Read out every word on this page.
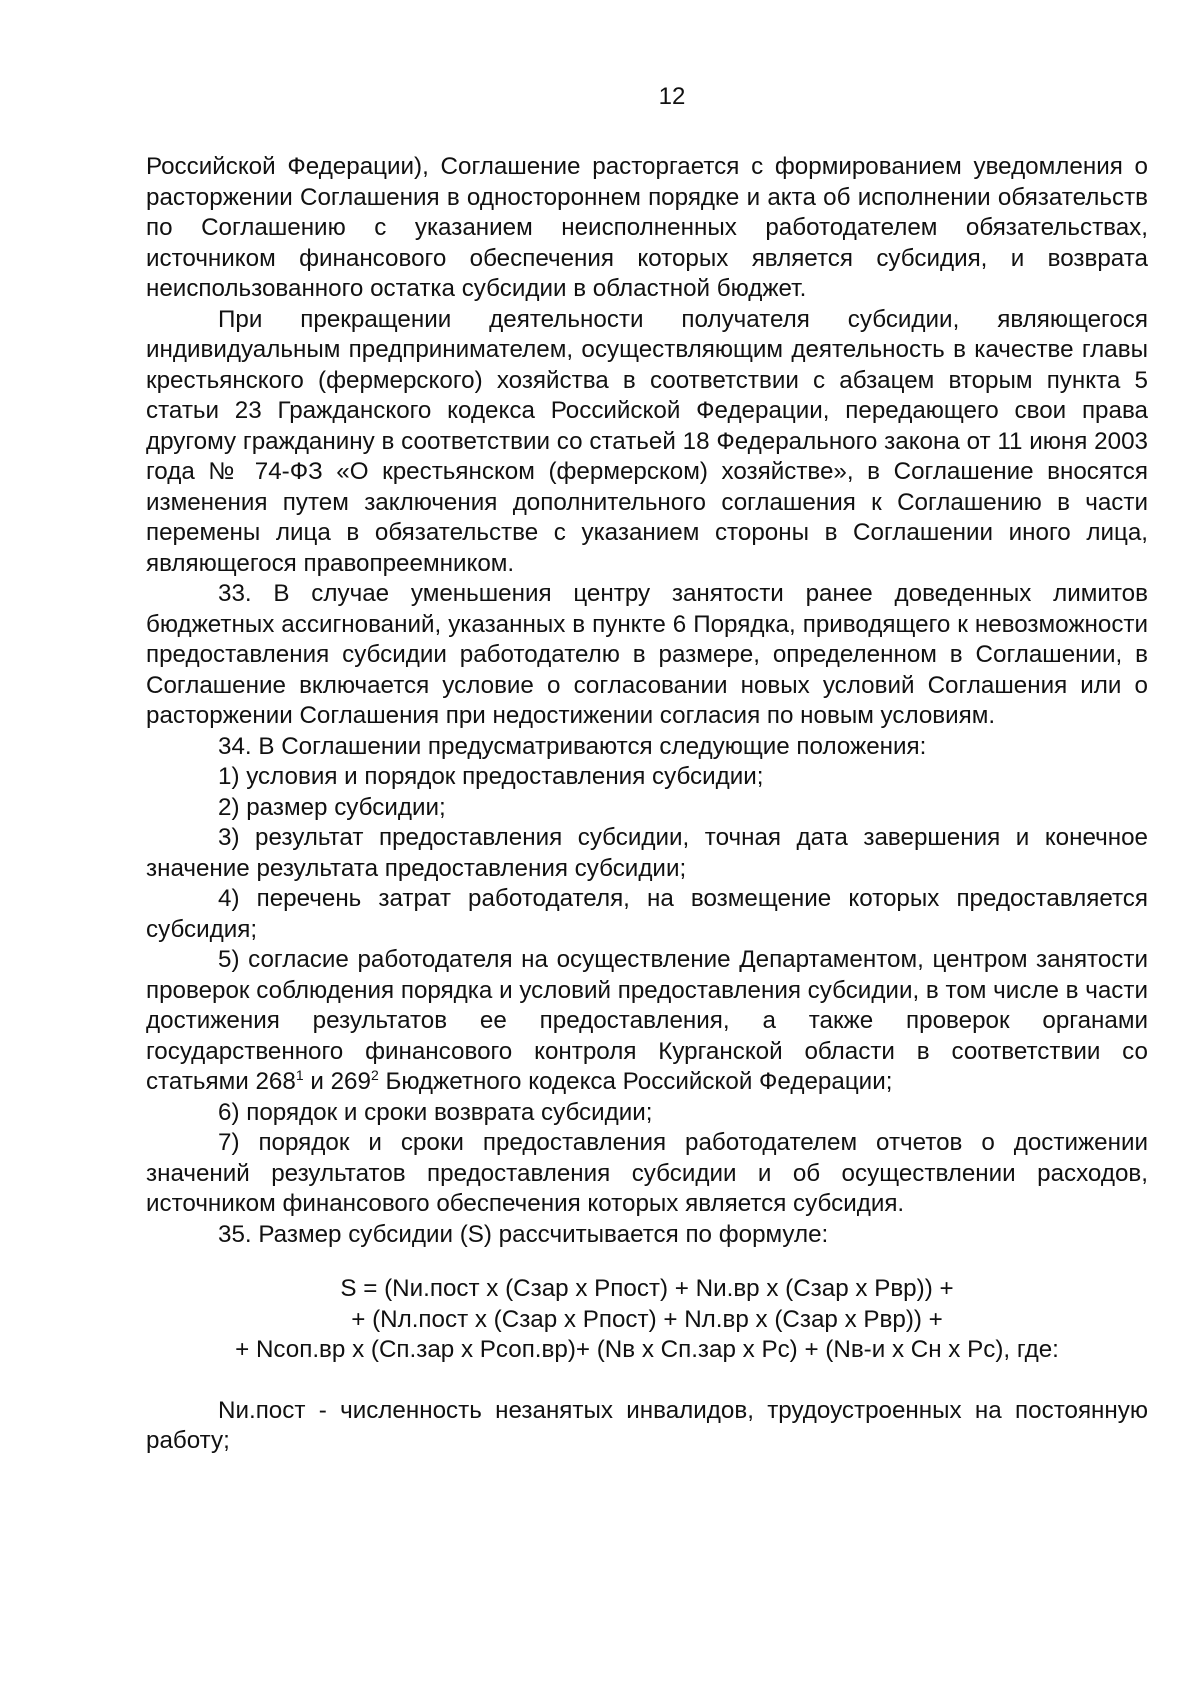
12

Российской Федерации), Соглашение расторгается с формированием уведомления о расторжении Соглашения в одностороннем порядке и акта об исполнении обязательств по Соглашению с указанием неисполненных работодателем обязательствах, источником финансового обеспечения которых является субсидия, и возврата неиспользованного остатка субсидии в областной бюджет.

При прекращении деятельности получателя субсидии, являющегося индивидуальным предпринимателем, осуществляющим деятельность в качестве главы крестьянского (фермерского) хозяйства в соответствии с абзацем вторым пункта 5 статьи 23 Гражданского кодекса Российской Федерации, передающего свои права другому гражданину в соответствии со статьей 18 Федерального закона от 11 июня 2003 года № 74-ФЗ «О крестьянском (фермерском) хозяйстве», в Соглашение вносятся изменения путем заключения дополнительного соглашения к Соглашению в части перемены лица в обязательстве с указанием стороны в Соглашении иного лица, являющегося правопреемником.

33. В случае уменьшения центру занятости ранее доведенных лимитов бюджетных ассигнований, указанных в пункте 6 Порядка, приводящего к невозможности предоставления субсидии работодателю в размере, определенном в Соглашении, в Соглашение включается условие о согласовании новых условий Соглашения или о расторжении Соглашения при недостижении согласия по новым условиям.

34. В Соглашении предусматриваются следующие положения:

1) условия и порядок предоставления субсидии;

2) размер субсидии;

3) результат предоставления субсидии, точная дата завершения и конечное значение результата предоставления субсидии;

4) перечень затрат работодателя, на возмещение которых предоставляется субсидия;

5) согласие работодателя на осуществление Департаментом, центром занятости проверок соблюдения порядка и условий предоставления субсидии, в том числе в части достижения результатов ее предоставления, а также проверок органами государственного финансового контроля Курганской области в соответствии со статьями $268^1$ и $269^2$ Бюджетного кодекса Российской Федерации;

6) порядок и сроки возврата субсидии;

7) порядок и сроки предоставления работодателем отчетов о достижении значений результатов предоставления субсидии и об осуществлении расходов, источником финансового обеспечения которых является субсидия.

35. Размер субсидии (S) рассчитывается по формуле:

S = (Nи.пост x (Сзар x Рпост) + Nи.вр x (Сзар x Рвр)) +
+ (Nл.пост x (Сзар x Рпост) + Nл.вр x (Сзар x Рвр)) +
+ Nсоп.вр x (Сп.зар x Рсоп.вр)+ (Nв x Сп.зар x Рс) + (Nв-и x Сн x Рс), где:

Nи.пост - численность незанятых инвалидов, трудоустроенных на постоянную работу;
